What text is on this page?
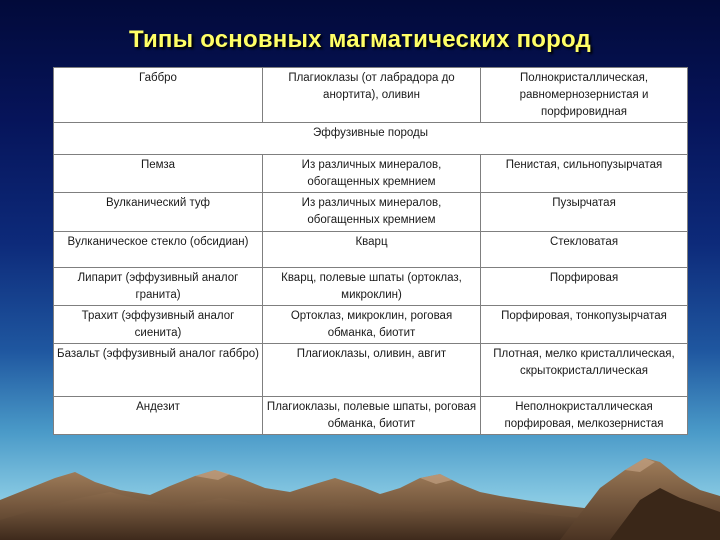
Типы основных магматических пород
Габбро	Плагиоклазы (от лабрадора до анортита), оливин	Полнокристаллическая, равномернозернистая и порфировидная
Эффузивные породы		
Пемза	Из различных минералов, обогащенных кремнием	Пенистая, сильнопузырчатая
Вулканический туф	Из различных минералов, обогащенных кремнием	Пузырчатая
Вулканическое стекло (обсидиан)	Кварц	Стекловатая
Липарит (эффузивный аналог гранита)	Кварц, полевые шпаты (ортоклаз, микроклин)	Порфировая
Трахит (эффузивный аналог сиенита)	Ортоклаз, микроклин, роговая обманка, биотит	Порфировая, тонкопузырчатая
Базальт (эффузивный аналог габбро)	Плагиоклазы, оливин, авгит	Плотная, мелко кристаллическая, скрытокристаллическая
Андезит	Плагиоклазы, полевые шпаты, роговая обманка, биотит	Неполнокристаллическая порфировая, мелкозернистая
